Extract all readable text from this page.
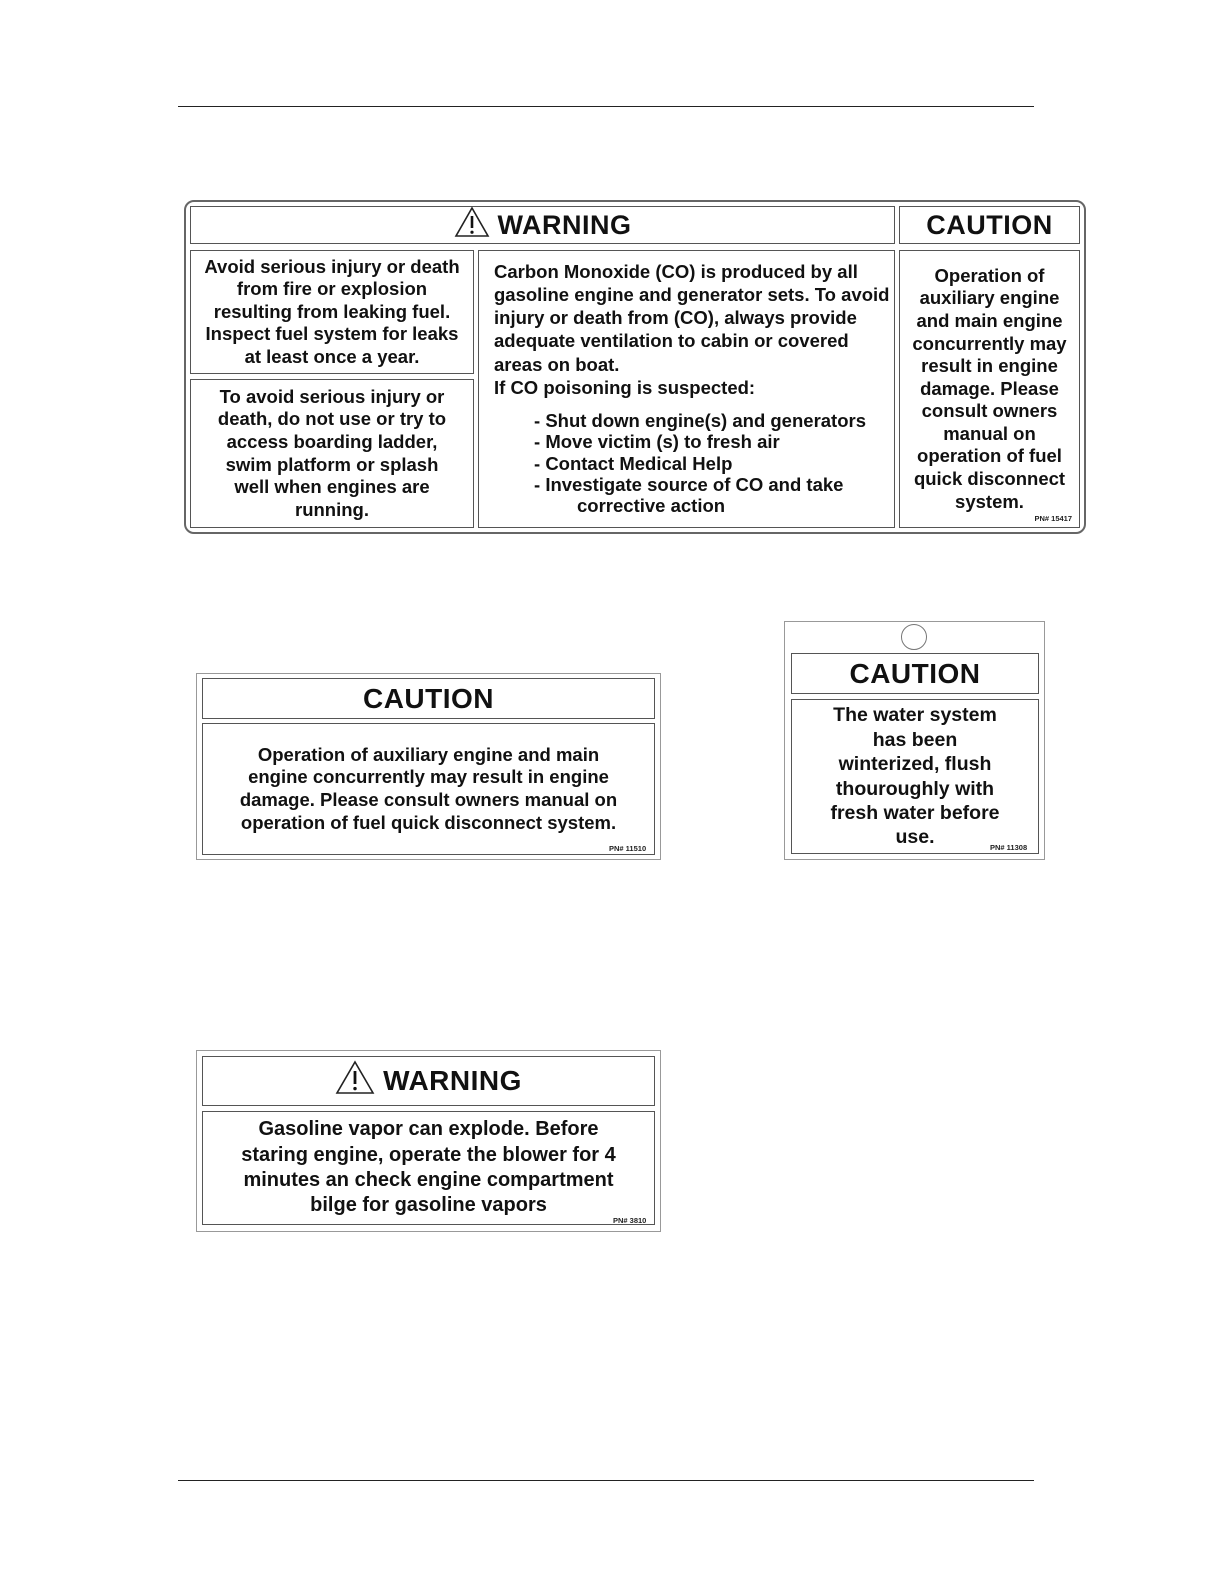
WARNING	CAUTION
Avoid serious injury or death from fire or explosion resulting from leaking fuel. Inspect fuel system for leaks at least once a year.
To avoid serious injury or death, do not use or try to access boarding ladder, swim platform or splash well when engines are running.
Carbon Monoxide (CO) is produced by all gasoline engine and generator sets. To avoid injury or death from (CO), always provide adequate ventilation to cabin or covered areas on boat.
If CO poisoning is suspected:
- Shut down engine(s) and generators
- Move victim (s) to fresh air
- Contact Medical Help
- Investigate source of CO and take
corrective action
Operation of auxiliary engine and main engine concurrently may result in engine damage. Please consult owners manual on operation of fuel quick disconnect system.
PN# 15417
CAUTION
Operation of auxiliary engine and main engine concurrently may result in engine damage. Please consult owners manual on operation of fuel quick disconnect system.
PN# 11510
CAUTION
The water system has been winterized, flush thouroughly with fresh water before use.	PN# 11308
WARNING
Gasoline vapor can explode. Before staring engine, operate the blower for 4 minutes an check engine compartment bilge for gasoline vapors
PN# 3810
